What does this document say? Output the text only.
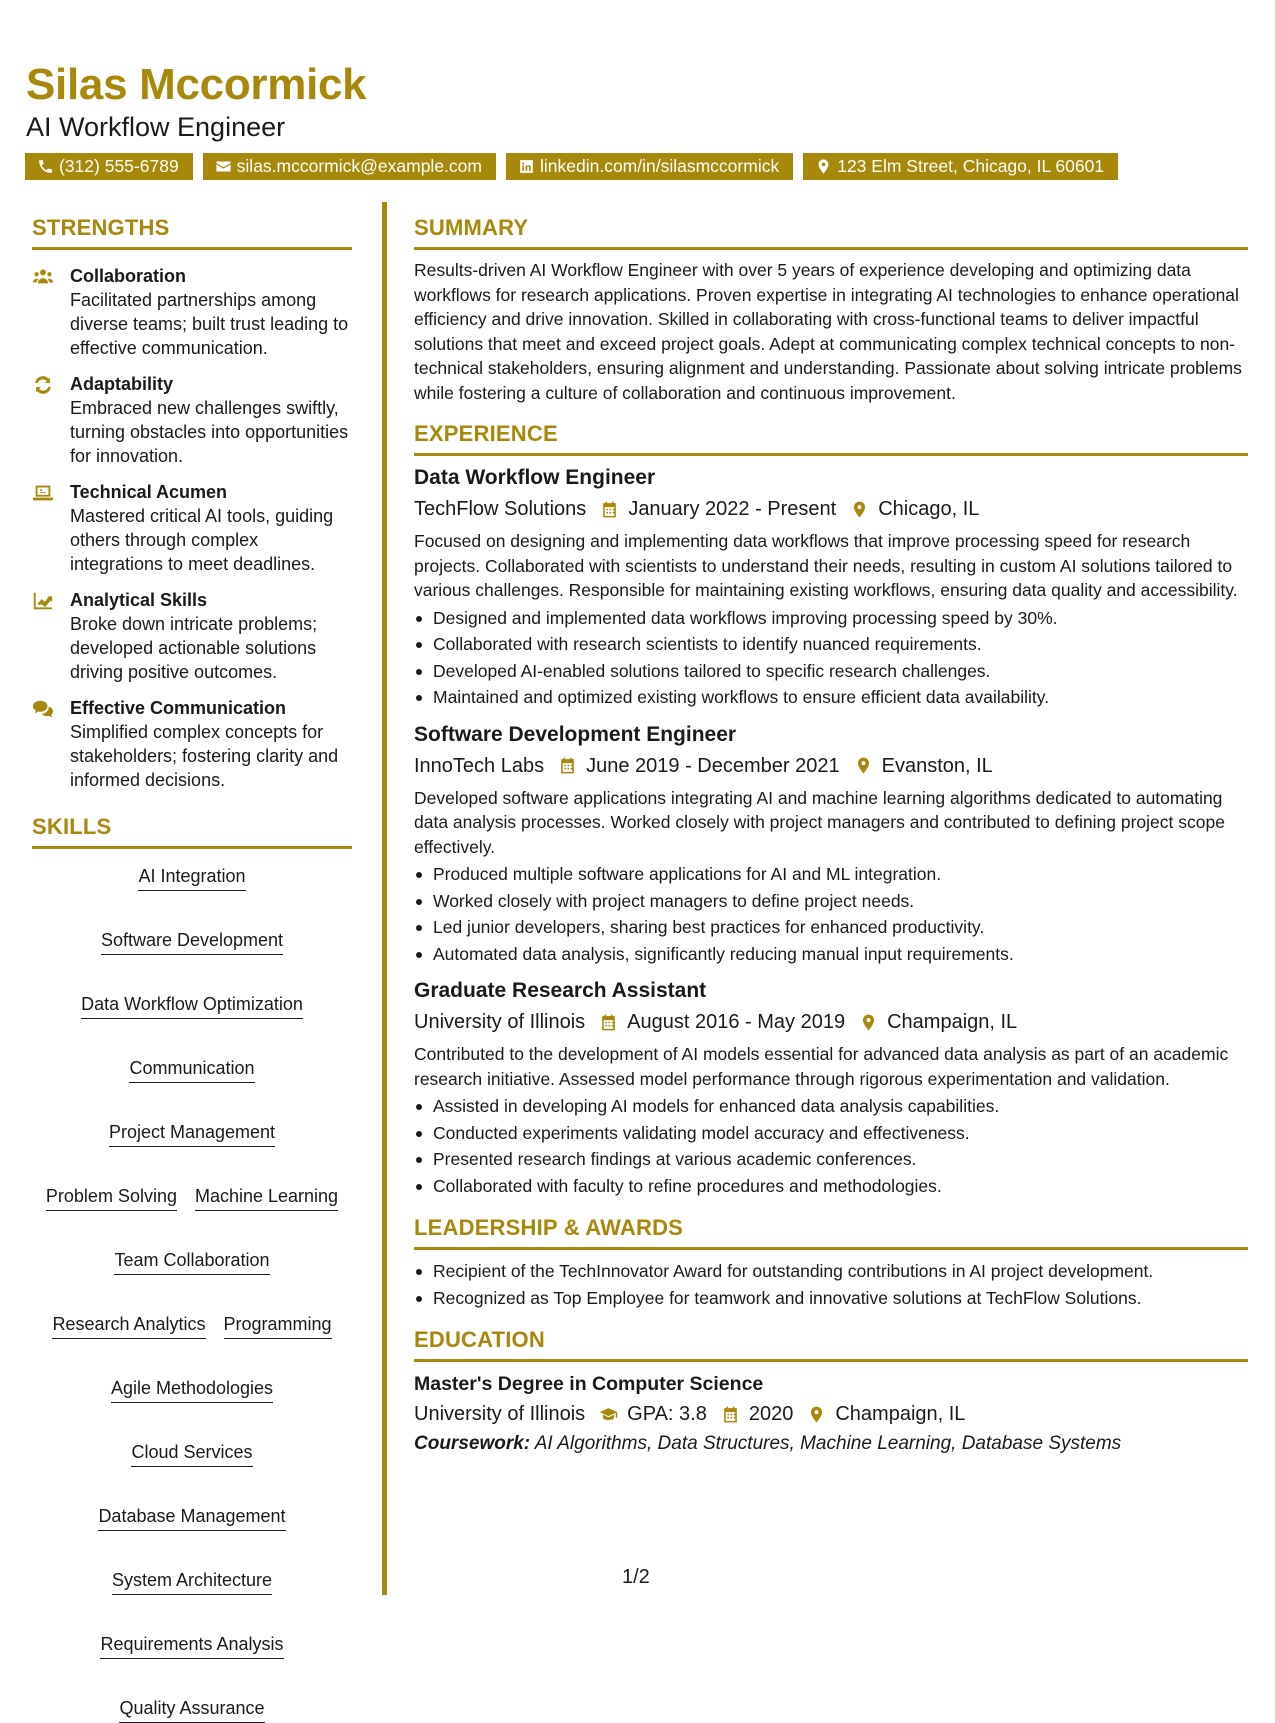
Silas Mccormick
AI Workflow Engineer
(312) 555-6789	silas.mccormick@example.com	linkedin.com/in/silasmccormick	123 Elm Street, Chicago, IL 60601
STRENGTHS
Collaboration
Facilitated partnerships among diverse teams; built trust leading to effective communication.
Adaptability
Embraced new challenges swiftly, turning obstacles into opportunities for innovation.
Technical Acumen
Mastered critical AI tools, guiding others through complex integrations to meet deadlines.
Analytical Skills
Broke down intricate problems; developed actionable solutions driving positive outcomes.
Effective Communication
Simplified complex concepts for stakeholders; fostering clarity and informed decisions.
SKILLS
AI Integration
Software Development
Data Workflow Optimization
Communication
Project Management
Problem Solving Machine Learning
Team Collaboration
Research Analytics Programming
Agile Methodologies
Cloud Services
Database Management
System Architecture
Requirements Analysis
Quality Assurance
SUMMARY
Results-driven AI Workflow Engineer with over 5 years of experience developing and optimizing data workflows for research applications. Proven expertise in integrating AI technologies to enhance operational efficiency and drive innovation. Skilled in collaborating with cross-functional teams to deliver impactful solutions that meet and exceed project goals. Adept at communicating complex technical concepts to non-technical stakeholders, ensuring alignment and understanding. Passionate about solving intricate problems while fostering a culture of collaboration and continuous improvement.
EXPERIENCE
Data Workflow Engineer
TechFlow Solutions January 2022 - Present Chicago, IL
Focused on designing and implementing data workflows that improve processing speed for research projects. Collaborated with scientists to understand their needs, resulting in custom AI solutions tailored to various challenges. Responsible for maintaining existing workflows, ensuring data quality and accessibility.
Designed and implemented data workflows improving processing speed by 30%.
Collaborated with research scientists to identify nuanced requirements.
Developed AI-enabled solutions tailored to specific research challenges.
Maintained and optimized existing workflows to ensure efficient data availability.
Software Development Engineer
InnoTech Labs June 2019 - December 2021 Evanston, IL
Developed software applications integrating AI and machine learning algorithms dedicated to automating data analysis processes. Worked closely with project managers and contributed to defining project scope effectively.
Produced multiple software applications for AI and ML integration.
Worked closely with project managers to define project needs.
Led junior developers, sharing best practices for enhanced productivity.
Automated data analysis, significantly reducing manual input requirements.
Graduate Research Assistant
University of Illinois August 2016 - May 2019 Champaign, IL
Contributed to the development of AI models essential for advanced data analysis as part of an academic research initiative. Assessed model performance through rigorous experimentation and validation.
Assisted in developing AI models for enhanced data analysis capabilities.
Conducted experiments validating model accuracy and effectiveness.
Presented research findings at various academic conferences.
Collaborated with faculty to refine procedures and methodologies.
LEADERSHIP & AWARDS
Recipient of the TechInnovator Award for outstanding contributions in AI project development.
Recognized as Top Employee for teamwork and innovative solutions at TechFlow Solutions.
EDUCATION
Master's Degree in Computer Science
University of Illinois GPA: 3.8 2020 Champaign, IL
Coursework: AI Algorithms, Data Structures, Machine Learning, Database Systems
1/2
